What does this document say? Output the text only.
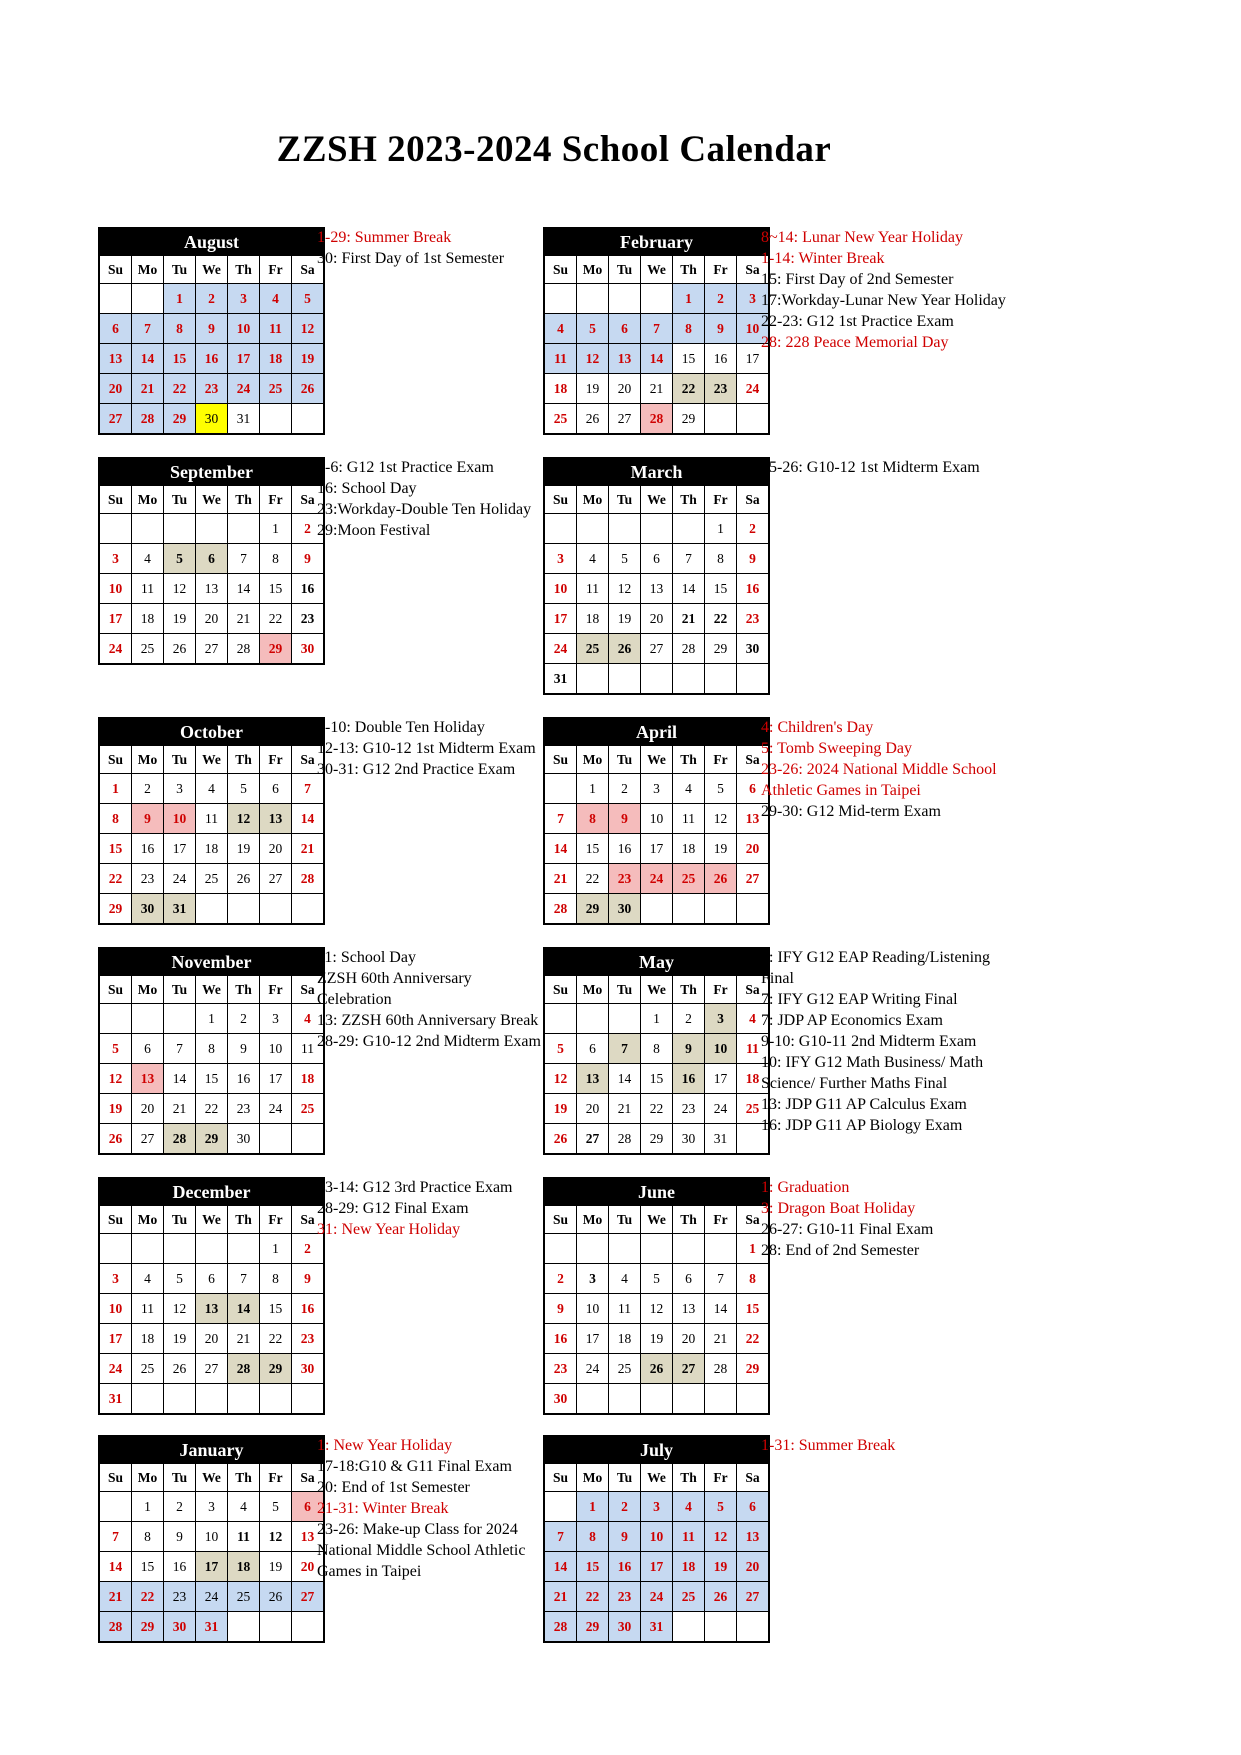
ZZSH 2023-2024 School Calendar
August						
Su	Mo	Tu	We	Th	Fr	Sa
		1	2	3	4	5
6	7	8	9	10	11	12
13	14	15	16	17	18	19
20	21	22	23	24	25	26
27	28	29	30	31		
1-29: Summer Break
30: First Day of 1st Semester
February						
Su	Mo	Tu	We	Th	Fr	Sa
				1	2	3
4	5	6	7	8	9	10
11	12	13	14	15	16	17
18	19	20	21	22	23	24
25	26	27	28	29		
8~14: Lunar New Year Holiday
1-14: Winter Break
15: First Day of 2nd Semester
17:Workday-Lunar New Year Holiday
22-23: G12 1st Practice Exam
28: 228 Peace Memorial Day
September						
Su	Mo	Tu	We	Th	Fr	Sa
					1	2
3	4	5	6	7	8	9
10	11	12	13	14	15	16
17	18	19	20	21	22	23
24	25	26	27	28	29	30
5-6: G12 1st Practice Exam
16: School Day
23:Workday-Double Ten Holiday
29:Moon Festival
March						
Su	Mo	Tu	We	Th	Fr	Sa
					1	2
3	4	5	6	7	8	9
10	11	12	13	14	15	16
17	18	19	20	21	22	23
24	25	26	27	28	29	30
31						
25-26: G10-12 1st Midterm Exam
October						
Su	Mo	Tu	We	Th	Fr	Sa
1	2	3	4	5	6	7
8	9	10	11	12	13	14
15	16	17	18	19	20	21
22	23	24	25	26	27	28
29	30	31				
9-10: Double Ten Holiday
12-13: G10-12 1st Midterm Exam
30-31: G12 2nd Practice Exam
April						
Su	Mo	Tu	We	Th	Fr	Sa
	1	2	3	4	5	6
7	8	9	10	11	12	13
14	15	16	17	18	19	20
21	22	23	24	25	26	27
28	29	30				
4: Children's Day
5: Tomb Sweeping Day
23-26: 2024 National Middle School Athletic Games in Taipei
29-30: G12 Mid-term Exam
November						
Su	Mo	Tu	We	Th	Fr	Sa
			1	2	3	4
5	6	7	8	9	10	11
12	13	14	15	16	17	18
19	20	21	22	23	24	25
26	27	28	29	30		
11: School Day
ZZSH 60th Anniversary Celebration
13: ZZSH 60th Anniversary Break
28-29: G10-12 2nd Midterm Exam
May						
Su	Mo	Tu	We	Th	Fr	Sa
			1	2	3	4
5	6	7	8	9	10	11
12	13	14	15	16	17	18
19	20	21	22	23	24	25
26	27	28	29	30	31	
3: IFY G12 EAP Reading/Listening Final
7: IFY G12 EAP Writing Final
7: JDP AP Economics Exam
9-10: G10-11 2nd Midterm Exam
10: IFY G12 Math Business/ Math Science/ Further Maths Final
13: JDP G11 AP Calculus Exam
16: JDP G11 AP Biology Exam
December						
Su	Mo	Tu	We	Th	Fr	Sa
					1	2
3	4	5	6	7	8	9
10	11	12	13	14	15	16
17	18	19	20	21	22	23
24	25	26	27	28	29	30
31						
13-14: G12 3rd Practice Exam
28-29: G12 Final Exam
31: New Year Holiday
June						
Su	Mo	Tu	We	Th	Fr	Sa
						1
2	3	4	5	6	7	8
9	10	11	12	13	14	15
16	17	18	19	20	21	22
23	24	25	26	27	28	29
30						
1: Graduation
3: Dragon Boat Holiday
26-27: G10-11 Final Exam
28: End of 2nd Semester
January						
Su	Mo	Tu	We	Th	Fr	Sa
	1	2	3	4	5	6
7	8	9	10	11	12	13
14	15	16	17	18	19	20
21	22	23	24	25	26	27
28	29	30	31			
1: New Year Holiday
17-18:G10 & G11 Final Exam
20: End of 1st Semester
21-31: Winter Break
23-26: Make-up Class for 2024 National Middle School Athletic Games in Taipei
July						
Su	Mo	Tu	We	Th	Fr	Sa
	1	2	3	4	5	6
7	8	9	10	11	12	13
14	15	16	17	18	19	20
21	22	23	24	25	26	27
28	29	30	31			
1-31: Summer Break
